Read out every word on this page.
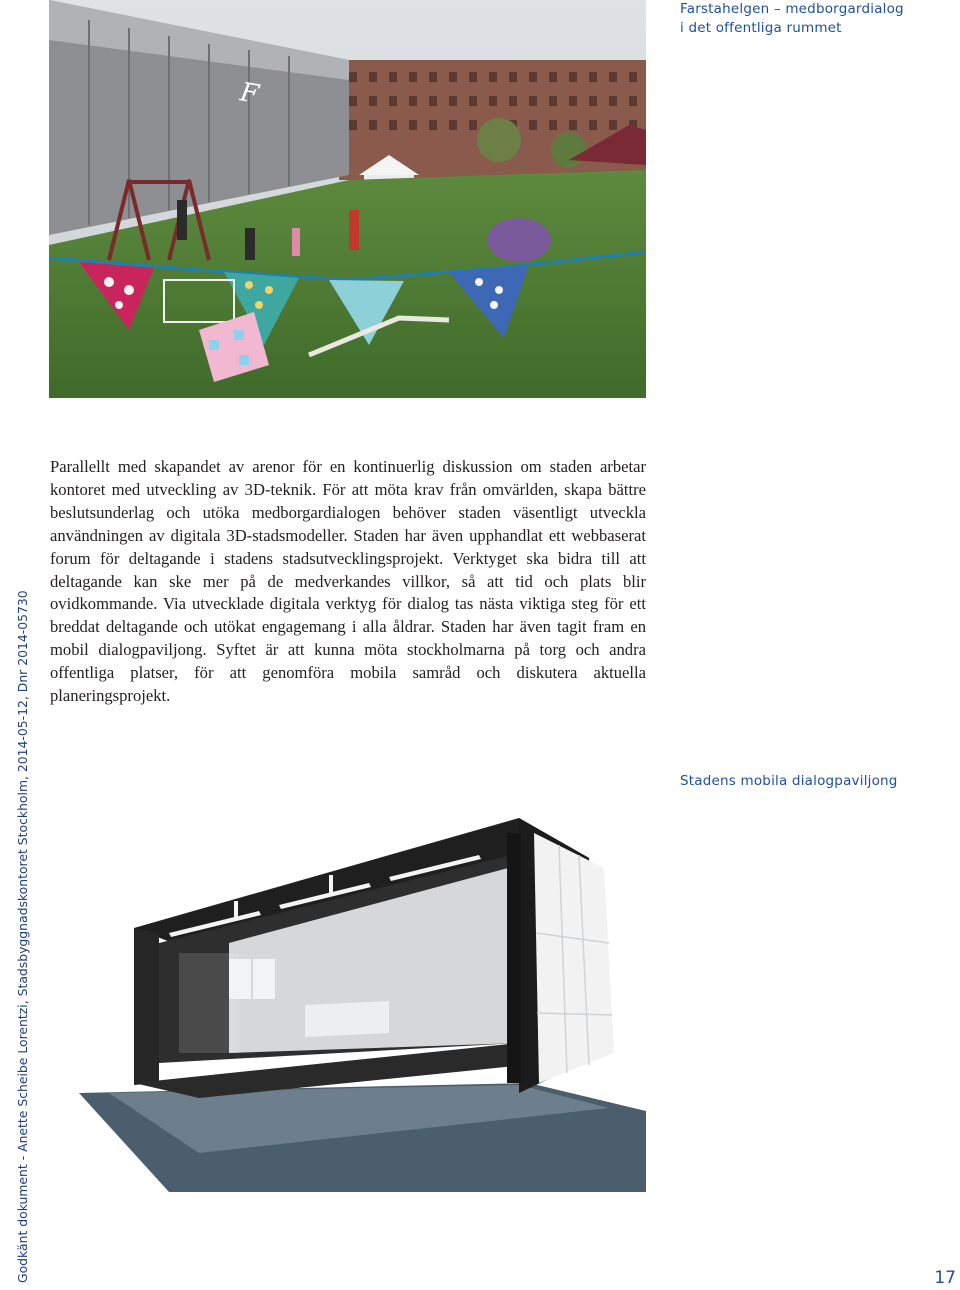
Godkänt dokument - Anette Scheibe Lorentzi, Stadsbyggnadskontoret Stockholm, 2014-05-12, Dnr 2014-05730
Farstahelgen – medborgardialog
i det offentliga rummet
F
Parallellt med skapandet av arenor för en kontinuerlig diskussion om staden arbetar kontoret med utveckling av 3D-teknik. För att möta krav från omvärlden, skapa bättre beslutsunderlag och utöka medborgardialogen behöver staden väsentligt utveckla användningen av digitala 3D-stadsmodeller. Staden har även upphandlat ett webbaserat forum för deltagande i stadens stadsutvecklingsprojekt. Verktyget ska bidra till att deltagande kan ske mer på de medverkandes villkor, så att tid och plats blir ovidkommande. Via utvecklade digitala verktyg för dialog tas nästa viktiga steg för ett breddat deltagande och utökat engagemang i alla åldrar. Staden har även tagit fram en mobil dialogpaviljong. Syftet är att kunna möta stockholmarna på torg och andra offentliga platser, för att genomföra mobila samråd och diskutera aktuella planeringsprojekt.
Stadens mobila dialogpaviljong
17
